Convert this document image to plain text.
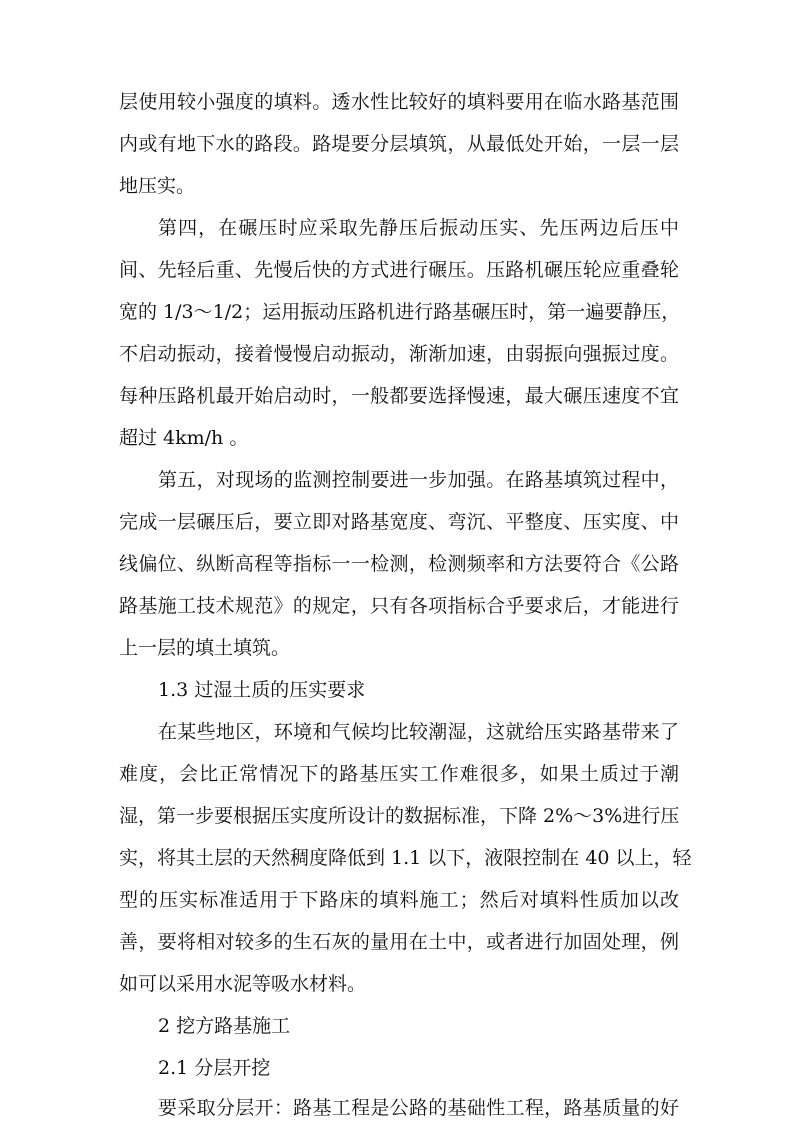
层使用较小强度的填料。透水性比较好的填料要用在临水路基范围
内或有地下水的路段。路堤要分层填筑，从最低处开始，一层一层
地压实。
第四，在碾压时应采取先静压后振动压实、先压两边后压中
间、先轻后重、先慢后快的方式进行碾压。压路机碾压轮应重叠轮
宽的 1/3～1/2；运用振动压路机进行路基碾压时，第一遍要静压，
不启动振动，接着慢慢启动振动，渐渐加速，由弱振向强振过度。
每种压路机最开始启动时，一般都要选择慢速，最大碾压速度不宜
超过 4km/h 。
第五，对现场的监测控制要进一步加强。在路基填筑过程中，
完成一层碾压后，要立即对路基宽度、弯沉、平整度、压实度、中
线偏位、纵断高程等指标一一检测，检测频率和方法要符合《公路
路基施工技术规范》的规定，只有各项指标合乎要求后，才能进行
上一层的填土填筑。
1.3 过湿土质的压实要求
在某些地区，环境和气候均比较潮湿，这就给压实路基带来了
难度，会比正常情况下的路基压实工作难很多，如果土质过于潮
湿，第一步要根据压实度所设计的数据标准，下降 2%～3%进行压
实，将其土层的天然稠度降低到 1.1 以下，液限控制在 40 以上，轻
型的压实标准适用于下路床的填料施工；然后对填料性质加以改
善，要将相对较多的生石灰的量用在土中，或者进行加固处理，例
如可以采用水泥等吸水材料。
2 挖方路基施工
2.1 分层开挖
要采取分层开：路基工程是公路的基础性工程，路基质量的好
